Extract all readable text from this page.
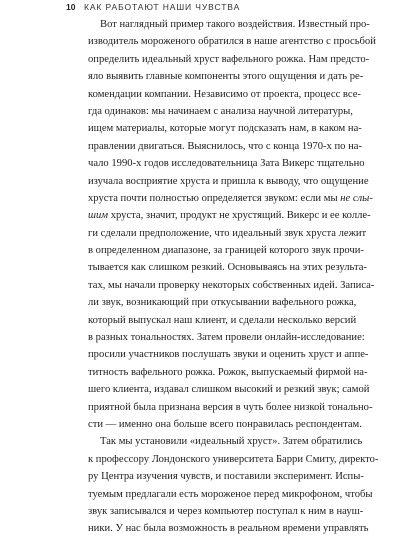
10 КАК РАБОТАЮТ НАШИ ЧУВСТВА
Вот наглядный пример такого воздействия. Известный про-
изводитель мороженого обратился в наше агентство с просьбой
определить идеальный хруст вафельного рожка. Нам предсто-
яло выявить главные компоненты этого ощущения и дать ре-
комендации компании. Независимо от проекта, процесс все-
гда одинаков: мы начинаем с анализа научной литературы,
ищем материалы, которые могут подсказать нам, в каком на-
правлении двигаться. Выяснилось, что с конца 1970-х по на-
чало 1990-х годов исследовательница Зата Викерс тщательно
изучала восприятие хруста и пришла к выводу, что ощущение
хруста почти полностью определяется звуком: если мы не слы-
шим хруста, значит, продукт не хрустящий. Викерс и ее колле-
ги сделали предположение, что идеальный звук хруста лежит
в определенном диапазоне, за границей которого звук прочи-
тывается как слишком резкий. Основываясь на этих результа-
тах, мы начали проверку некоторых собственных идей. Записа-
ли звук, возникающий при откусывании вафельного рожка,
который выпускал наш клиент, и сделали несколько версий
в разных тональностях. Затем провели онлайн-исследование:
просили участников послушать звуки и оценить хруст и аппе-
титность вафельного рожка. Рожок, выпускаемый фирмой на-
шего клиента, издавал слишком высокий и резкий звук; самой
приятной была признана версия в чуть более низкой тонально-
сти — именно она больше всего понравилась респондентам.
Так мы установили «идеальный хруст». Затем обратились
к профессору Лондонского университета Барри Смиту, директо-
ру Центра изучения чувств, и поставили эксперимент. Испы-
туемым предлагали есть мороженое перед микрофоном, чтобы
звук записывался и через компьютер поступал к ним в науш-
ники. У нас была возможность в реальном времени управлять
